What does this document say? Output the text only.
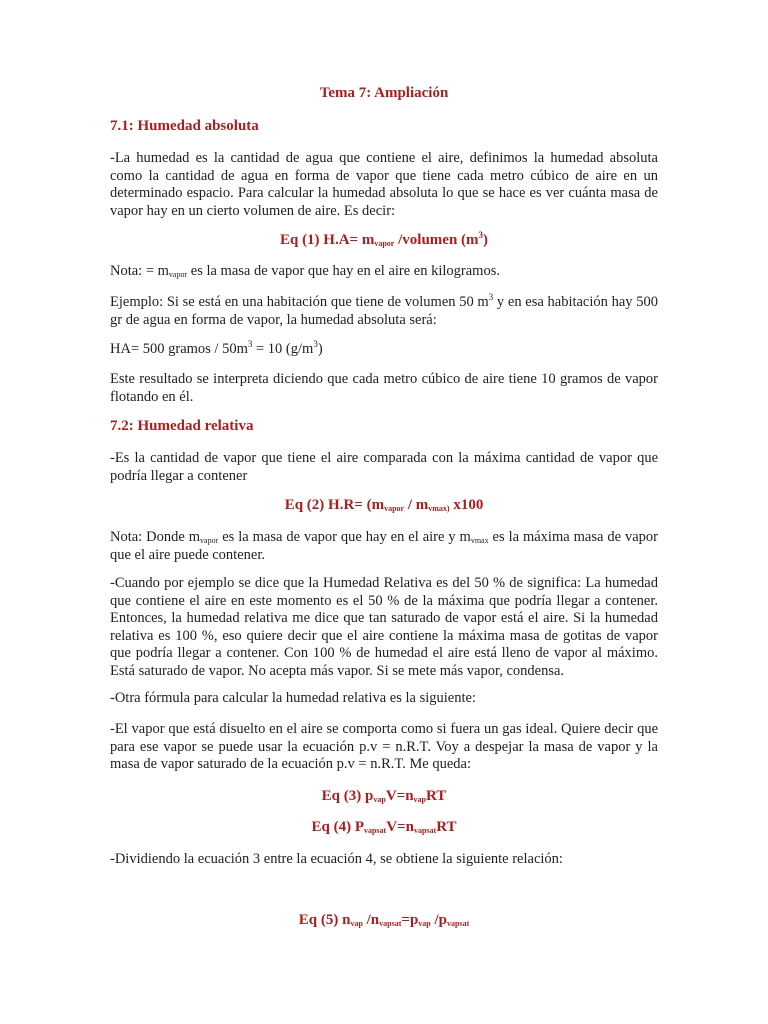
Tema 7: Ampliación
7.1: Humedad absoluta
-La humedad es la cantidad de agua que contiene el aire, definimos la humedad absoluta como la cantidad de agua en forma de vapor que tiene cada metro cúbico de aire en un determinado espacio. Para calcular la humedad absoluta lo que se hace es ver cuánta masa de vapor hay en un cierto volumen de aire. Es decir:
Eq (1) $H.A= m_{vapor}$ /volumen $(m^3)$
Nota: = $m_{vapor}$ es la masa de vapor que hay en el aire en kilogramos.
Ejemplo: Si se está en una habitación que tiene de volumen 50 $m^3$ y en esa habitación hay 500 gr de agua en forma de vapor, la humedad absoluta será:
HA= 500 gramos / $50m^3 = 10$ $(g/m^3)$
Este resultado se interpreta diciendo que cada metro cúbico de aire tiene 10 gramos de vapor flotando en él.
7.2: Humedad relativa
-Es la cantidad de vapor que tiene el aire comparada con la máxima cantidad de vapor que podría llegar a contener
Eq (2) $H.R= (m_{vapor} / m_{vmax)}$ x100
Nota: Donde $m_{vapor}$ es la masa de vapor que hay en el aire y $m_{vmax}$ es la máxima masa de vapor que el aire puede contener.
-Cuando por ejemplo se dice que la Humedad Relativa es del 50 % de significa: La humedad que contiene el aire en este momento es el 50 % de la máxima que podría llegar a contener. Entonces, la humedad relativa me dice que tan saturado de vapor está el aire. Si la humedad relativa es 100 %, eso quiere decir que el aire contiene la máxima masa de gotitas de vapor que podría llegar a contener. Con 100 % de humedad el aire está lleno de vapor al máximo. Está saturado de vapor. No acepta más vapor. Si se mete más vapor, condensa.
-Otra fórmula para calcular la humedad relativa es la siguiente:
-El vapor que está disuelto en el aire se comporta como si fuera un gas ideal. Quiere decir que para ese vapor se puede usar la ecuación p.v = n.R.T. Voy a despejar la masa de vapor y la masa de vapor saturado de la ecuación p.v = n.R.T. Me queda:
Eq (3) $p_{vap}V=n_{vap}RT$
Eq (4) $P_{vapsat}V=n_{vapsat}RT$
-Dividiendo la ecuación 3 entre la ecuación 4, se obtiene la siguiente relación:
Eq (5) $n_{vap}$ $/n_{vapsat}=p_{vap}$ $/p_{vapsat}$
